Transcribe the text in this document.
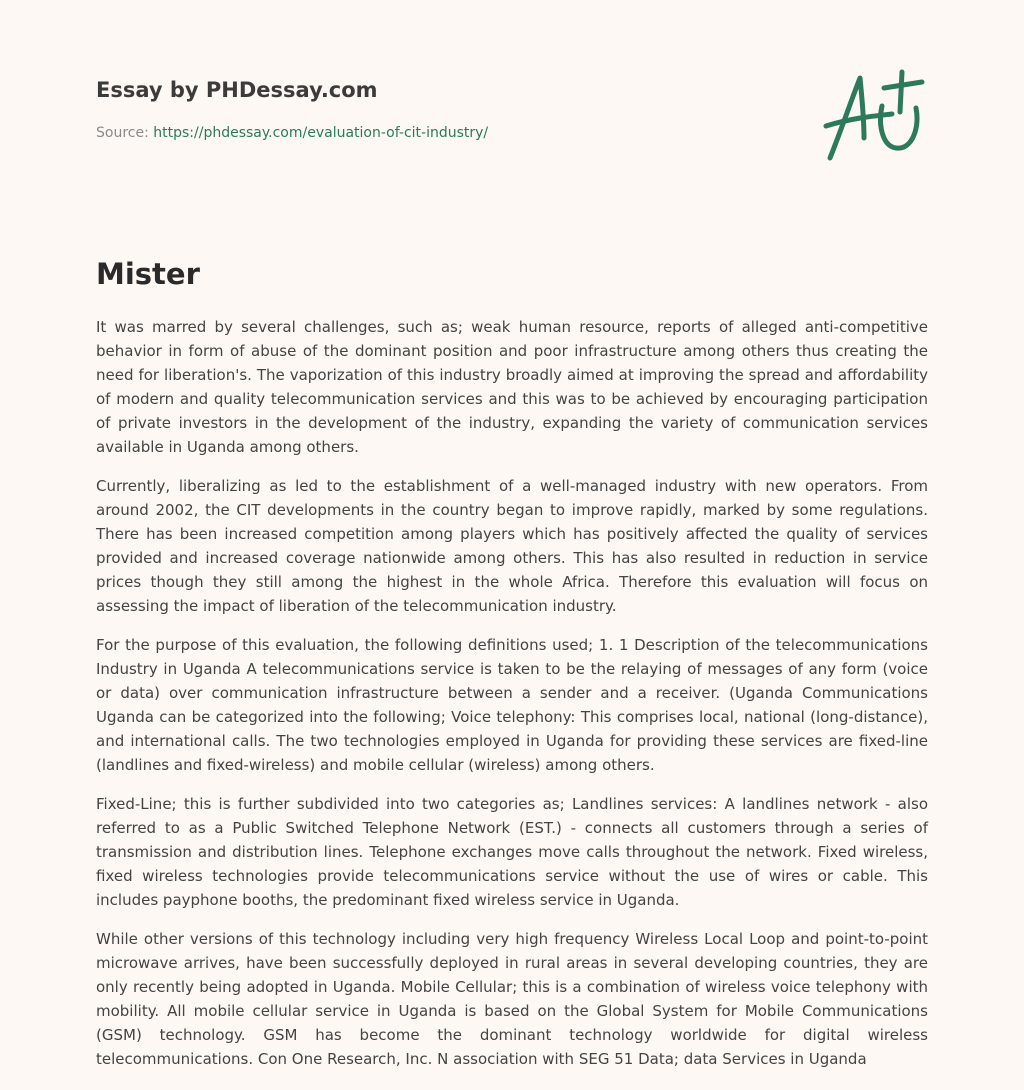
Essay by PHDessay.com
Source: https://phdessay.com/evaluation-of-cit-industry/
Mister

It was marred by several challenges, such as; weak human resource, reports of alleged anti-competitive behavior in form of abuse of the dominant position and poor infrastructure among others thus creating the need for liberation's. The vaporization of this industry broadly aimed at improving the spread and affordability of modern and quality telecommunication services and this was to be achieved by encouraging participation of private investors in the development of the industry, expanding the variety of communication services available in Uganda among others.

Currently, liberalizing as led to the establishment of a well-managed industry with new operators. From around 2002, the CIT developments in the country began to improve rapidly, marked by some regulations. There has been increased competition among players which has positively affected the quality of services provided and increased coverage nationwide among others. This has also resulted in reduction in service prices though they still among the highest in the whole Africa. Therefore this evaluation will focus on assessing the impact of liberation of the telecommunication industry.

For the purpose of this evaluation, the following definitions used; 1. 1 Description of the telecommunications Industry in Uganda A telecommunications service is taken to be the relaying of messages of any form (voice or data) over communication infrastructure between a sender and a receiver. (Uganda Communications Uganda can be categorized into the following; Voice telephony: This comprises local, national (long-distance), and international calls. The two technologies employed in Uganda for providing these services are fixed-line (landlines and fixed-wireless) and mobile cellular (wireless) among others.

Fixed-Line; this is further subdivided into two categories as; Landlines services: A landlines network - also referred to as a Public Switched Telephone Network (EST.) - connects all customers through a series of transmission and distribution lines. Telephone exchanges move calls throughout the network. Fixed wireless, fixed wireless technologies provide telecommunications service without the use of wires or cable. This includes payphone booths, the predominant fixed wireless service in Uganda.

While other versions of this technology including very high frequency Wireless Local Loop and point-to-point microwave arrives, have been successfully deployed in rural areas in several developing countries, they are only recently being adopted in Uganda. Mobile Cellular; this is a combination of wireless voice telephony with mobility. All mobile cellular service in Uganda is based on the Global System for Mobile Communications (GSM) technology. GSM has become the dominant technology worldwide for digital wireless telecommunications. Con One Research, Inc. N association with SEG 51 Data; data Services in Uganda
